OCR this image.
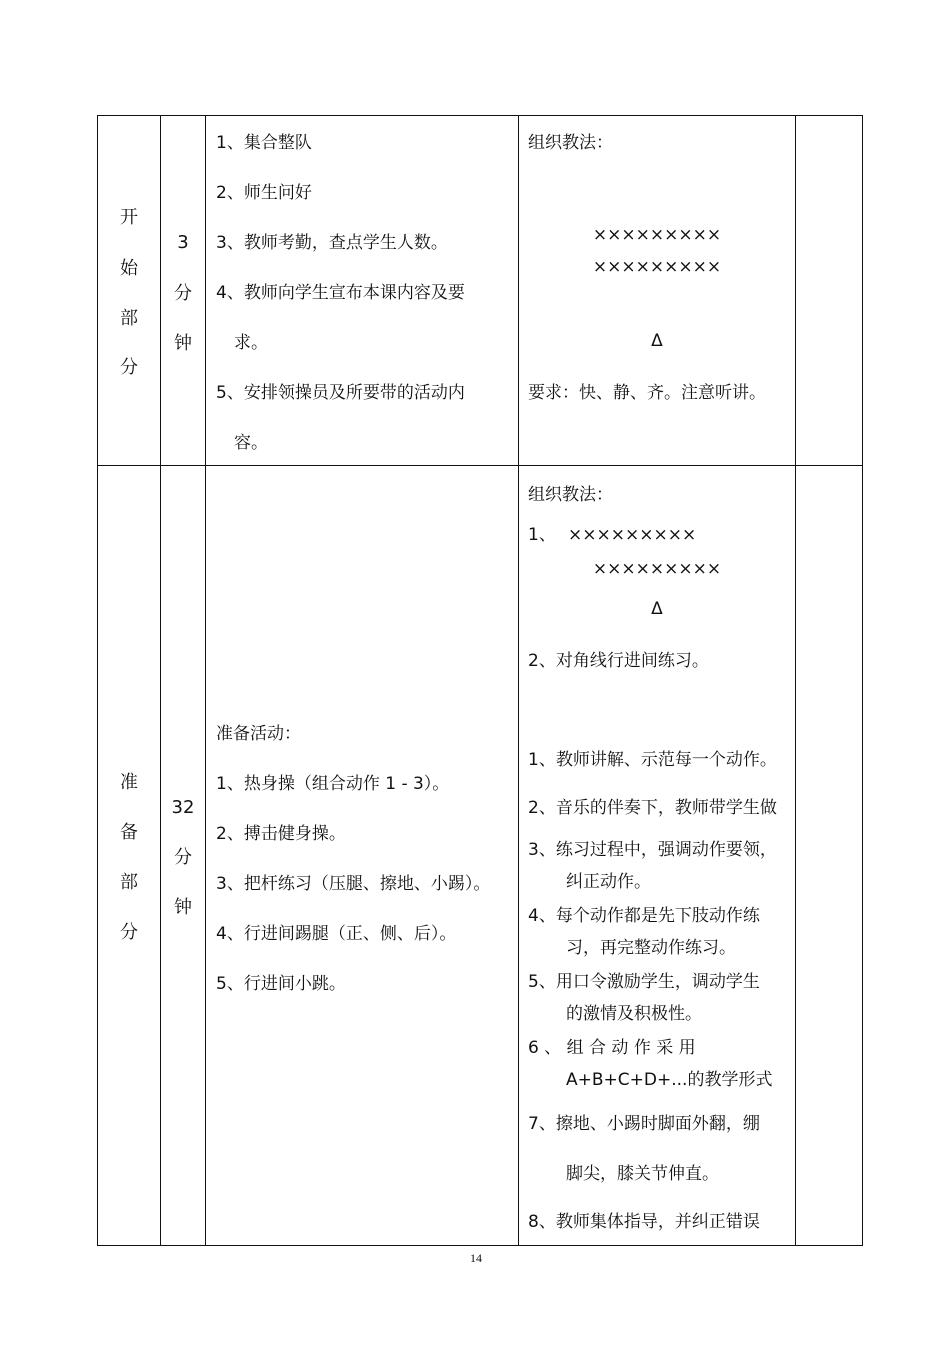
开
始
部
分
3
分
钟
1、集合整队
2、师生问好
3、教师考勤，查点学生人数。
4、教师向学生宣布本课内容及要
求。
5、安排领操员及所要带的活动内
容。
组织教法：
×××××××××
×××××××××
Δ
要求：快、静、齐。注意听讲。
准
备
部
分
32
分
钟
准备活动：
1、热身操（组合动作 1 - 3）。
2、搏击健身操。
3、把杆练习（压腿、擦地、小踢）。
4、行进间踢腿（正、侧、后）。
5、行进间小跳。
组织教法：
1、 ×××××××××
×××××××××
Δ
2、对角线行进间练习。
1、教师讲解、示范每一个动作。
2、音乐的伴奏下，教师带学生做
3、练习过程中，强调动作要领，
纠正动作。
4、每个动作都是先下肢动作练
习，再完整动作练习。
5、用口令激励学生，调动学生
的激情及积极性。
6 、 组 合 动 作 采 用
A+B+C+D+...的教学形式
7、擦地、小踢时脚面外翻，绷
脚尖，膝关节伸直。
8、教师集体指导，并纠正错误
14
